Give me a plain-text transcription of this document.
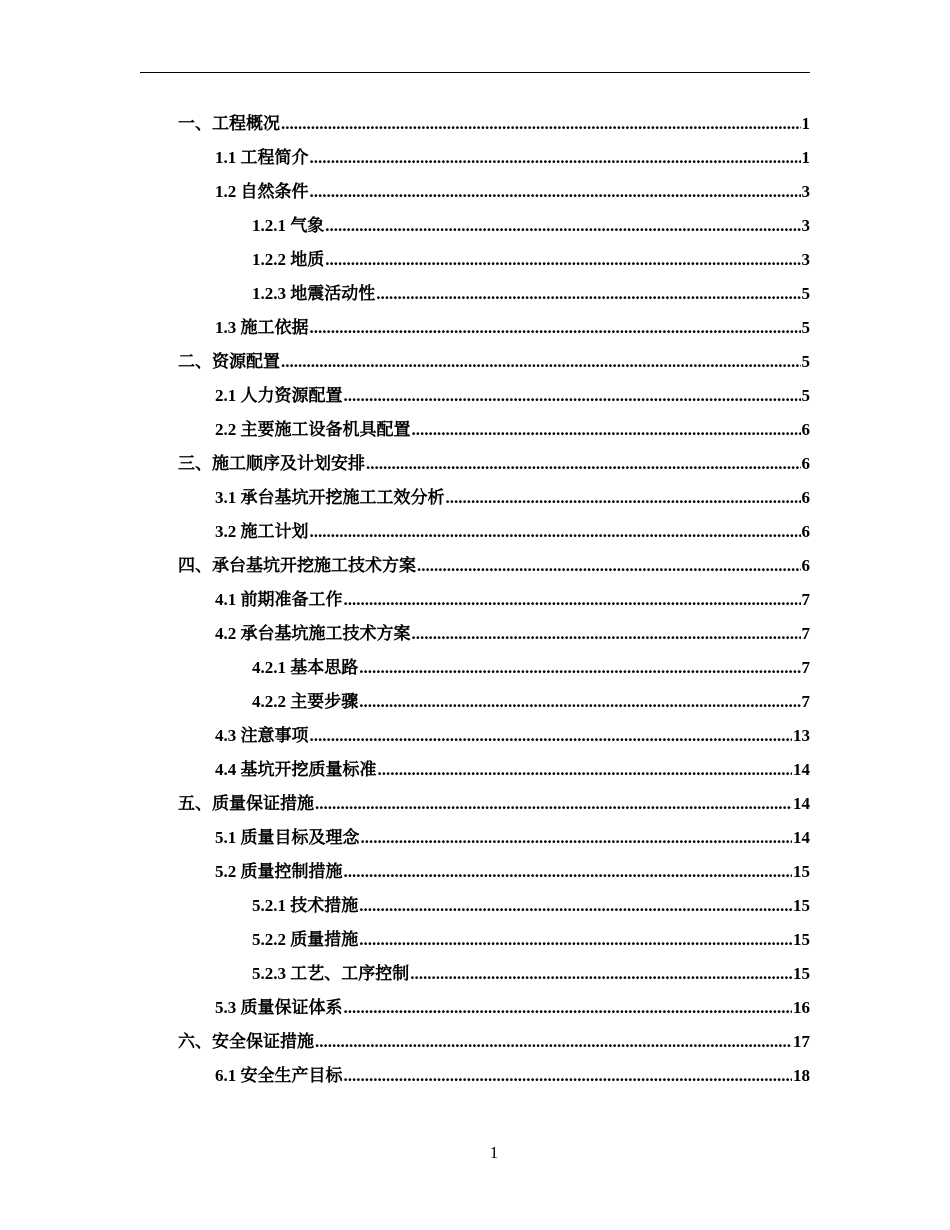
一、工程概况 .....	1
1.1 工程简介 .....	1
1.2 自然条件 .....	3
1.2.1 气象 .....	3
1.2.2 地质 .....	3
1.2.3 地震活动性 .....	5
1.3 施工依据 .....	5
二、资源配置 .....	5
2.1 人力资源配置 .....	5
2.2 主要施工设备机具配置 .....	6
三、施工顺序及计划安排 .....	6
3.1 承台基坑开挖施工工效分析 .....	6
3.2 施工计划 .....	6
四、承台基坑开挖施工技术方案 .....	6
4.1 前期准备工作 .....	7
4.2 承台基坑施工技术方案 .....	7
4.2.1 基本思路 .....	7
4.2.2 主要步骤 .....	7
4.3 注意事项 .....	13
4.4 基坑开挖质量标准 .....	14
五、质量保证措施 .....	14
5.1 质量目标及理念 .....	14
5.2 质量控制措施 .....	15
5.2.1 技术措施 .....	15
5.2.2 质量措施 .....	15
5.2.3 工艺、工序控制 .....	15
5.3 质量保证体系 .....	16
六、安全保证措施 .....	17
6.1 安全生产目标 .....	18
1
